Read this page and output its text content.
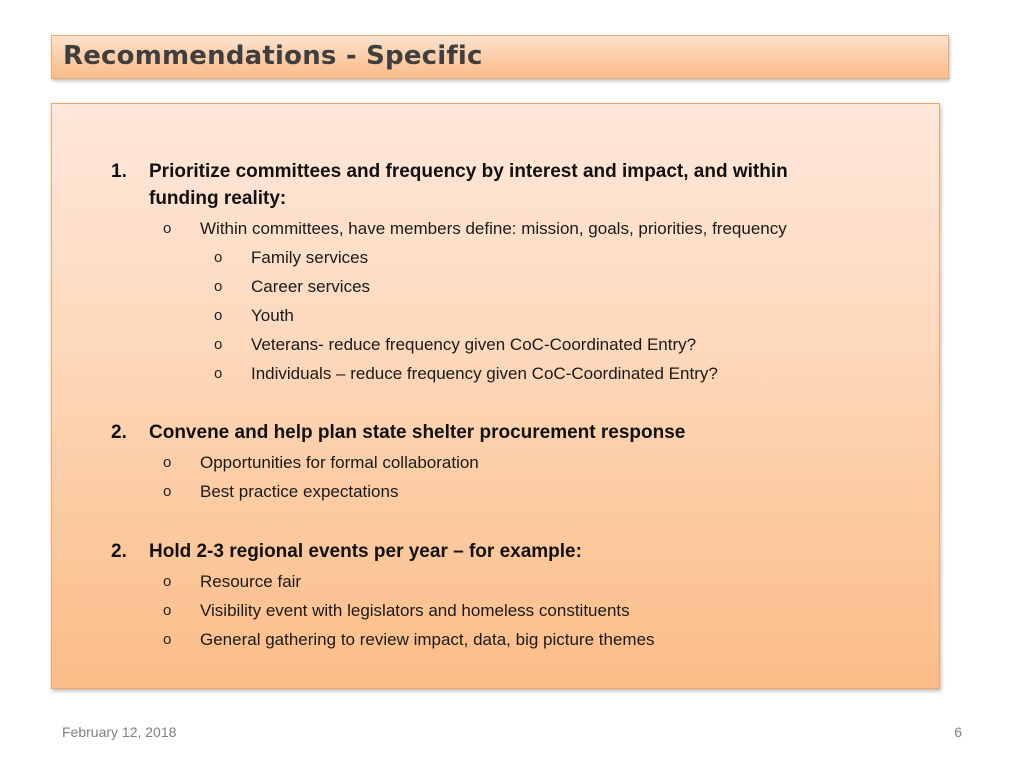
Recommendations - Specific
1. Prioritize committees and frequency by interest and impact, and within funding reality:
o Within committees, have members define: mission, goals, priorities, frequency
o Family services
o Career services
o Youth
o Veterans- reduce frequency given CoC-Coordinated Entry?
o Individuals – reduce frequency given CoC-Coordinated Entry?
2. Convene and help plan state shelter procurement response
o Opportunities for formal collaboration
o Best practice expectations
2. Hold 2-3 regional events per year – for example:
o Resource fair
o Visibility event with legislators and homeless constituents
o General gathering to review impact, data, big picture themes
February 12, 2018	6
